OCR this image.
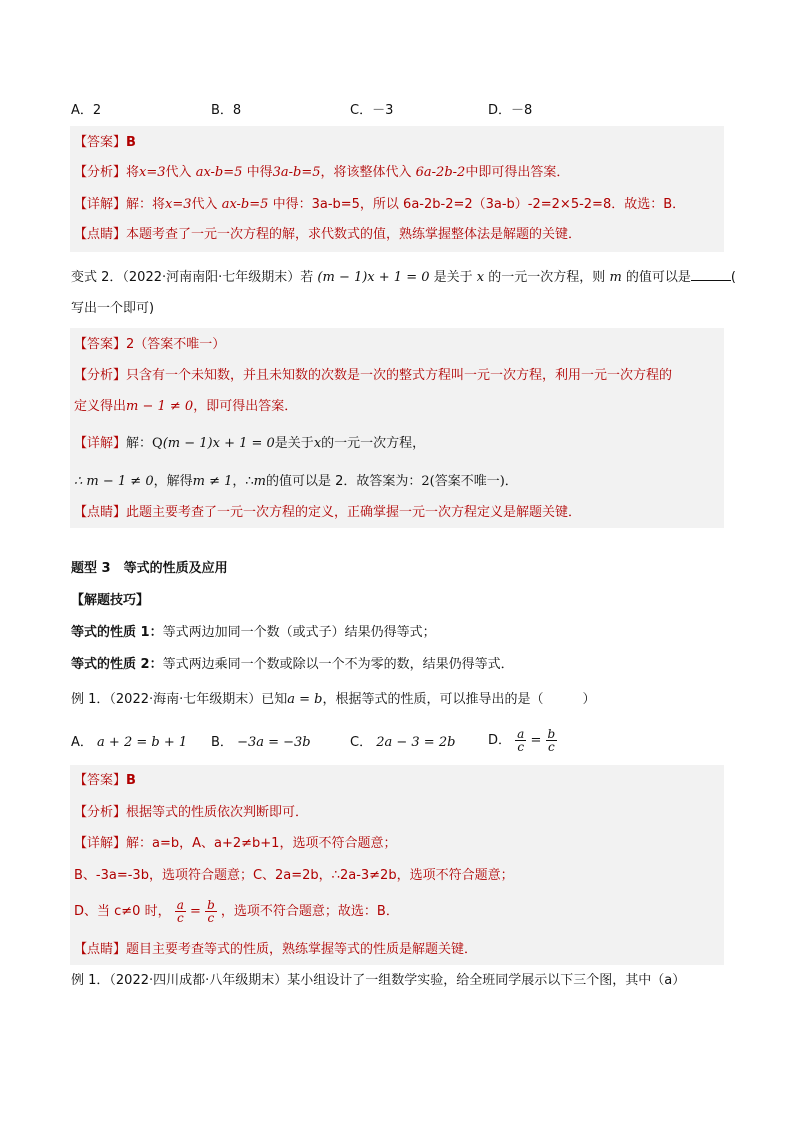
A．2	B．8	C．－3	D．－8
【答案】B
【分析】将x=3代入 ax-b=5 中得3a-b=5，将该整体代入 6a-2b-2中即可得出答案．
【详解】解：将x=3代入 ax-b=5 中得：3a-b=5，所以 6a-2b-2=2（3a-b）-2=2×5-2=8．故选：B．
【点睛】本题考查了一元一次方程的解，求代数式的值，熟练掌握整体法是解题的关键．
变式 2．（2022·河南南阳·七年级期末）若 (m − 1)x + 1 = 0 是关于 x 的一元一次方程，则 m 的值可以是	(
写出一个即可)
【答案】2（答案不唯一）
【分析】只含有一个未知数，并且未知数的次数是一次的整式方程叫一元一次方程，利用一元一次方程的
定义得出m − 1 ≠ 0，即可得出答案．
【详解】解：Q(m − 1)x + 1 = 0是关于x的一元一次方程，
∴ m − 1 ≠ 0，解得m ≠ 1，∴m的值可以是 2．故答案为：2(答案不唯一)．
【点睛】此题主要考查了一元一次方程的定义，正确掌握一元一次方程定义是解题关键．
题型 3　等式的性质及应用
【解题技巧】
等式的性质 1：等式两边加同一个数（或式子）结果仍得等式；
等式的性质 2：等式两边乘同一个数或除以一个不为零的数，结果仍得等式．
例 1．（2022·海南·七年级期末）已知a = b，根据等式的性质，可以推导出的是（　　　）
A． a + 2 = b + 1 B． −3a = −3b	C． 2a − 3 = 2b	D． $\frac{a}{c} = \frac{b}{c}$
【答案】B
【分析】根据等式的性质依次判断即可．
【详解】解：a=b，A、a+2≠b+1，选项不符合题意；
B、-3a=-3b，选项符合题意；C、2a=2b，∴2a-3≠2b，选项不符合题意；
D、当 c≠0 时， $\frac{a}{c} = \frac{b}{c}$ ，选项不符合题意；故选：B．
【点睛】题目主要考查等式的性质，熟练掌握等式的性质是解题关键．
例 1．（2022·四川成都·八年级期末）某小组设计了一组数学实验，给全班同学展示以下三个图，其中（a）
